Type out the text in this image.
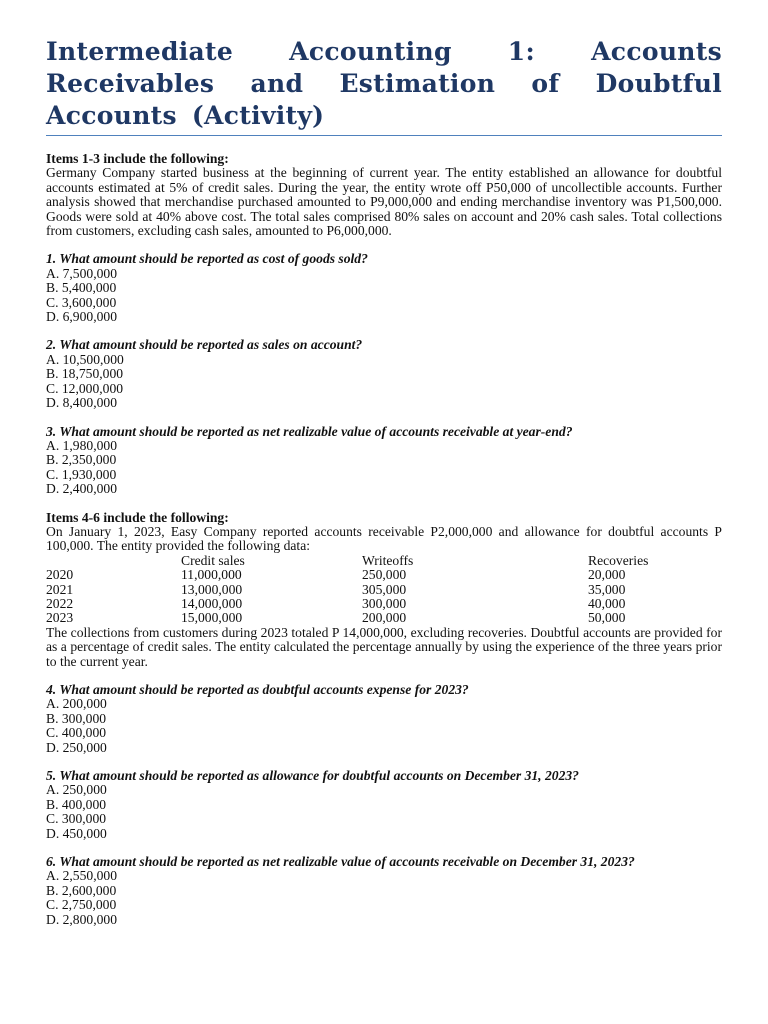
Intermediate Accounting 1: Accounts Receivables and Estimation of Doubtful Accounts (Activity)
Items 1-3 include the following:
Germany Company started business at the beginning of current year. The entity established an allowance for doubtful accounts estimated at 5% of credit sales. During the year, the entity wrote off P50,000 of uncollectible accounts. Further analysis showed that merchandise purchased amounted to P9,000,000 and ending merchandise inventory was P1,500,000. Goods were sold at 40% above cost. The total sales comprised 80% sales on account and 20% cash sales. Total collections from customers, excluding cash sales, amounted to P6,000,000.
1. What amount should be reported as cost of goods sold?
A. 7,500,000
B. 5,400,000
C. 3,600,000
D. 6,900,000
2. What amount should be reported as sales on account?
A. 10,500,000
B. 18,750,000
C. 12,000,000
D. 8,400,000
3. What amount should be reported as net realizable value of accounts receivable at year-end?
A. 1,980,000
B. 2,350,000
C. 1,930,000
D. 2,400,000
Items 4-6 include the following:
On January 1, 2023, Easy Company reported accounts receivable P2,000,000 and allowance for doubtful accounts P 100,000. The entity provided the following data:
	Credit sales	Writeoffs	Recoveries
2020	11,000,000	250,000	20,000
2021	13,000,000	305,000	35,000
2022	14,000,000	300,000	40,000
2023	15,000,000	200,000	50,000
The collections from customers during 2023 totaled P 14,000,000, excluding recoveries. Doubtful accounts are provided for as a percentage of credit sales. The entity calculated the percentage annually by using the experience of the three years prior to the current year.
4. What amount should be reported as doubtful accounts expense for 2023?
A. 200,000
B. 300,000
C. 400,000
D. 250,000
5. What amount should be reported as allowance for doubtful accounts on December 31, 2023?
A. 250,000
B. 400,000
C. 300,000
D. 450,000
6. What amount should be reported as net realizable value of accounts receivable on December 31, 2023?
A. 2,550,000
B. 2,600,000
C. 2,750,000
D. 2,800,000
